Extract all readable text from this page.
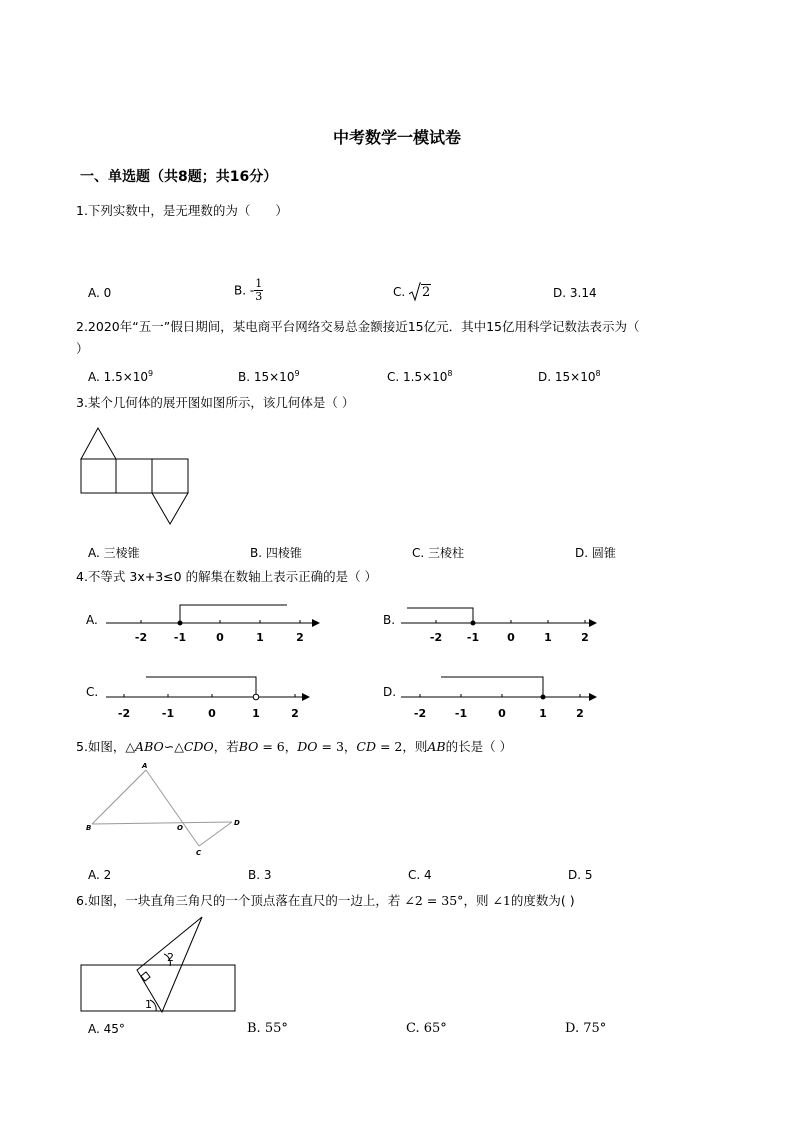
中考数学一模试卷
一、单选题（共8题；共16分）
1.下列实数中，是无理数的为（　　）
A. 0	B. - $\frac{1}{3}$	C. 2	D. 3.14
2.2020年“五一”假日期间，某电商平台网络交易总金额接近15亿元．其中15亿用科学记数法表示为（
）
A. $1.5\times 10^9$	B. $15\times 10^9$	C. $1.5\times 10^8$	D. $15\times 10^8$
3.某个几何体的展开图如图所示，该几何体是（ ）
A. 三棱锥	B. 四棱锥	C. 三棱柱	D. 圆锥
4.不等式 3x+3≤0 的解集在数轴上表示正确的是（ ）
A.
-2 -1	0	1	2
B.
-2 -1	0	1	2
C.
-2	-1	0	1	2
D.
-2	-1	0	1	2
5.如图，△ABO∽△CDO，若BO = 6，DO = 3，CD = 2，则AB的长是（ ）
A
B	O
D
C
A. 2	B. 3	C. 4	D. 5
6.如图，一块直角三角尺的一个顶点落在直尺的一边上，若 ∠2 = 35°，则 ∠1的度数为( )
2
1
A. 45°	B. 55°	C. 65°	D. 75°
